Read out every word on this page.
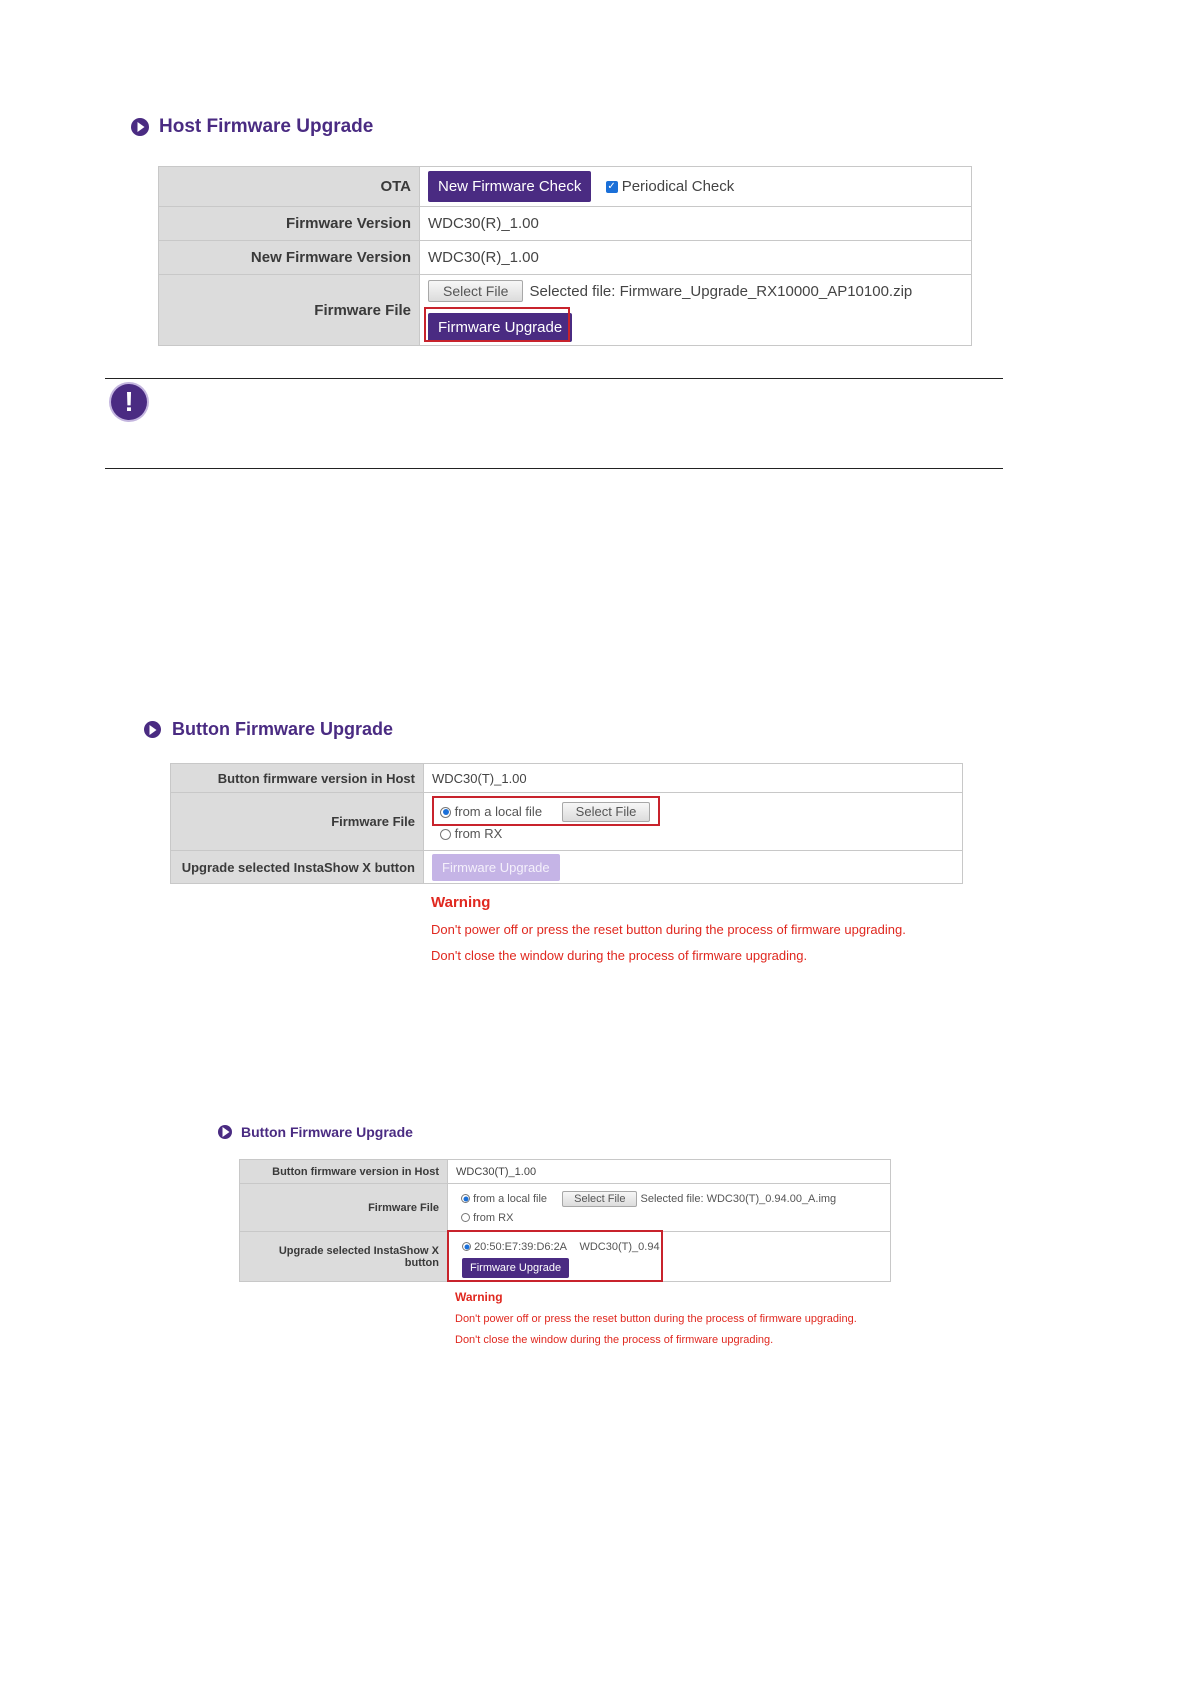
Host Firmware Upgrade
OTA	New Firmware Check ✓ Periodical Check
Firmware Version	WDC30(R)_1.00
New Firmware Version	WDC30(R)_1.00
Firmware File	Select File Selected file: Firmware_Upgrade_RX10000_AP10100.zip
Firmware Upgrade
!
Button Firmware Upgrade
Button firmware version in Host	WDC30(T)_1.00
Firmware File	from a local file Select File
from RX

Upgrade selected InstaShow X button	Firmware Upgrade
Warning
Don't power off or press the reset button during the process of firmware upgrading.
Don't close the window during the process of firmware upgrading.
Button Firmware Upgrade
Button firmware version in Host	WDC30(T)_1.00
Firmware File	from a local file Select File Selected file: WDC30(T)_0.94.00_A.img
from RX

Upgrade selected InstaShow X button	20:50:E7:39:D6:2A WDC30(T)_0.94
Firmware Upgrade
Warning
Don't power off or press the reset button during the process of firmware upgrading.
Don't close the window during the process of firmware upgrading.
